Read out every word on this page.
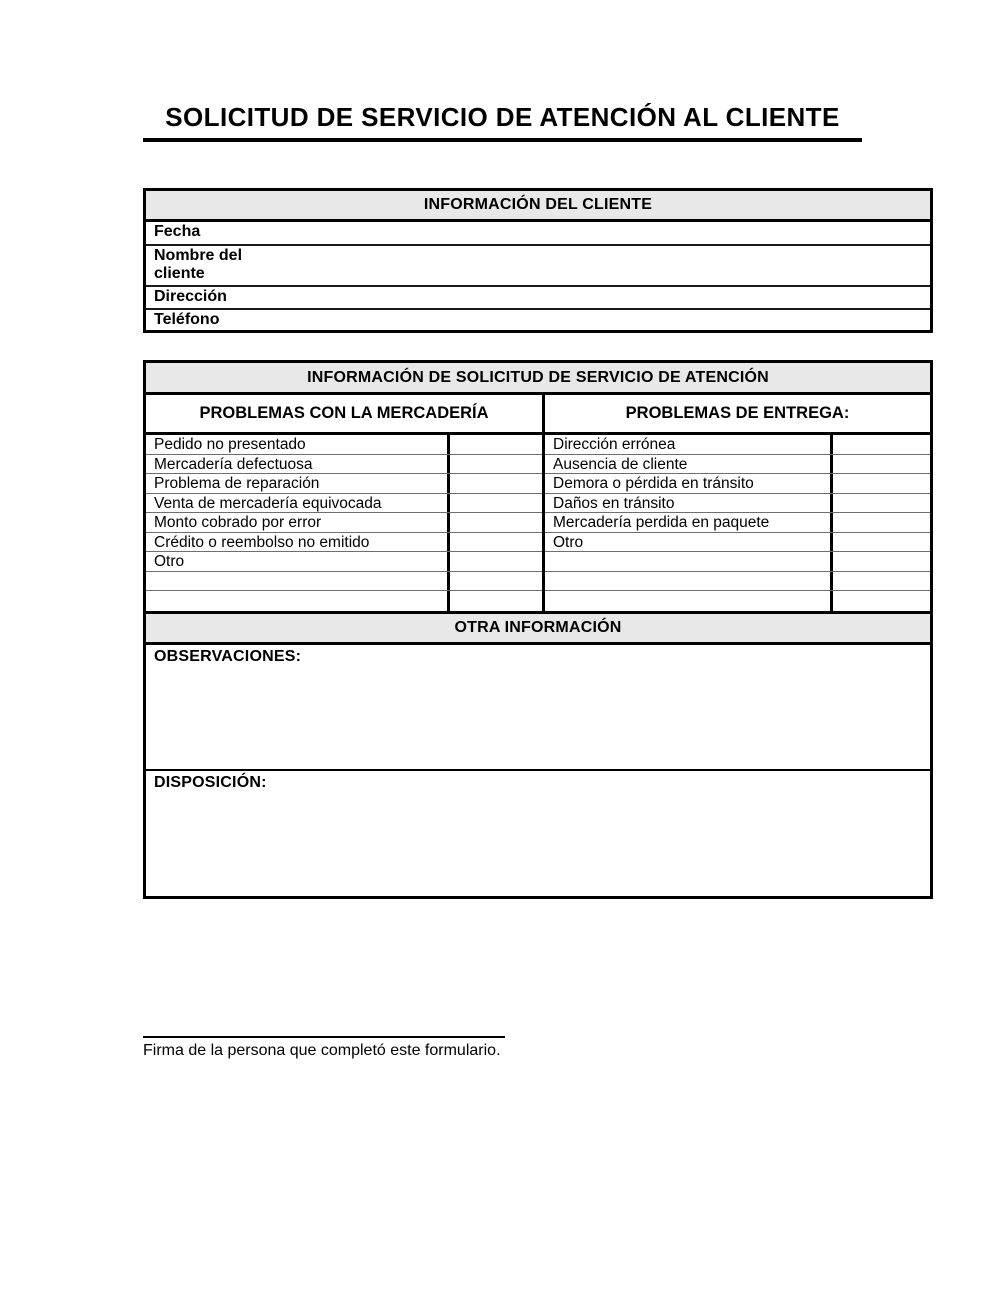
SOLICITUD DE SERVICIO DE ATENCIÓN AL CLIENTE
INFORMACIÓN DEL CLIENTE
Fecha
Nombre del cliente
Dirección
Teléfono
INFORMACIÓN DE SOLICITUD DE SERVICIO DE ATENCIÓN
PROBLEMAS CON LA MERCADERÍA	PROBLEMAS DE ENTREGA:
Pedido no presentado
Mercadería defectuosa
Problema de reparación
Venta de mercadería equivocada
Monto cobrado por error
Crédito o reembolso no emitido
Otro
Dirección errónea
Ausencia de cliente
Demora o pérdida en tránsito
Daños en tránsito
Mercadería perdida en paquete
Otro
OTRA INFORMACIÓN
OBSERVACIONES:
DISPOSICIÓN:
Firma de la persona que completó este formulario.
